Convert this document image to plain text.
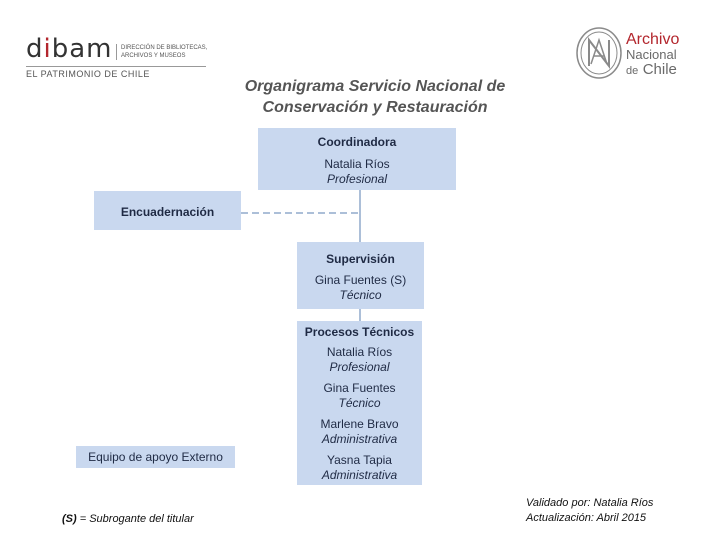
dibam DIRECCIÓN DE BIBLIOTECAS,
ARCHIVOS Y MUSEOS
EL PATRIMONIO DE CHILE
Archivo
Nacional
de Chile
Organigrama Servicio Nacional de
Conservación y Restauración
Coordinadora
Natalia Ríos
Profesional
Encuadernación
Supervisión
Gina Fuentes (S)
Técnico
Procesos Técnicos
Natalia Ríos
Profesional
Gina Fuentes
Técnico
Marlene Bravo
Administrativa
Yasna Tapia
Administrativa
Equipo de apoyo Externo
Validado por: Natalia Ríos
Actualización: Abril 2015
(S) = Subrogante del titular
